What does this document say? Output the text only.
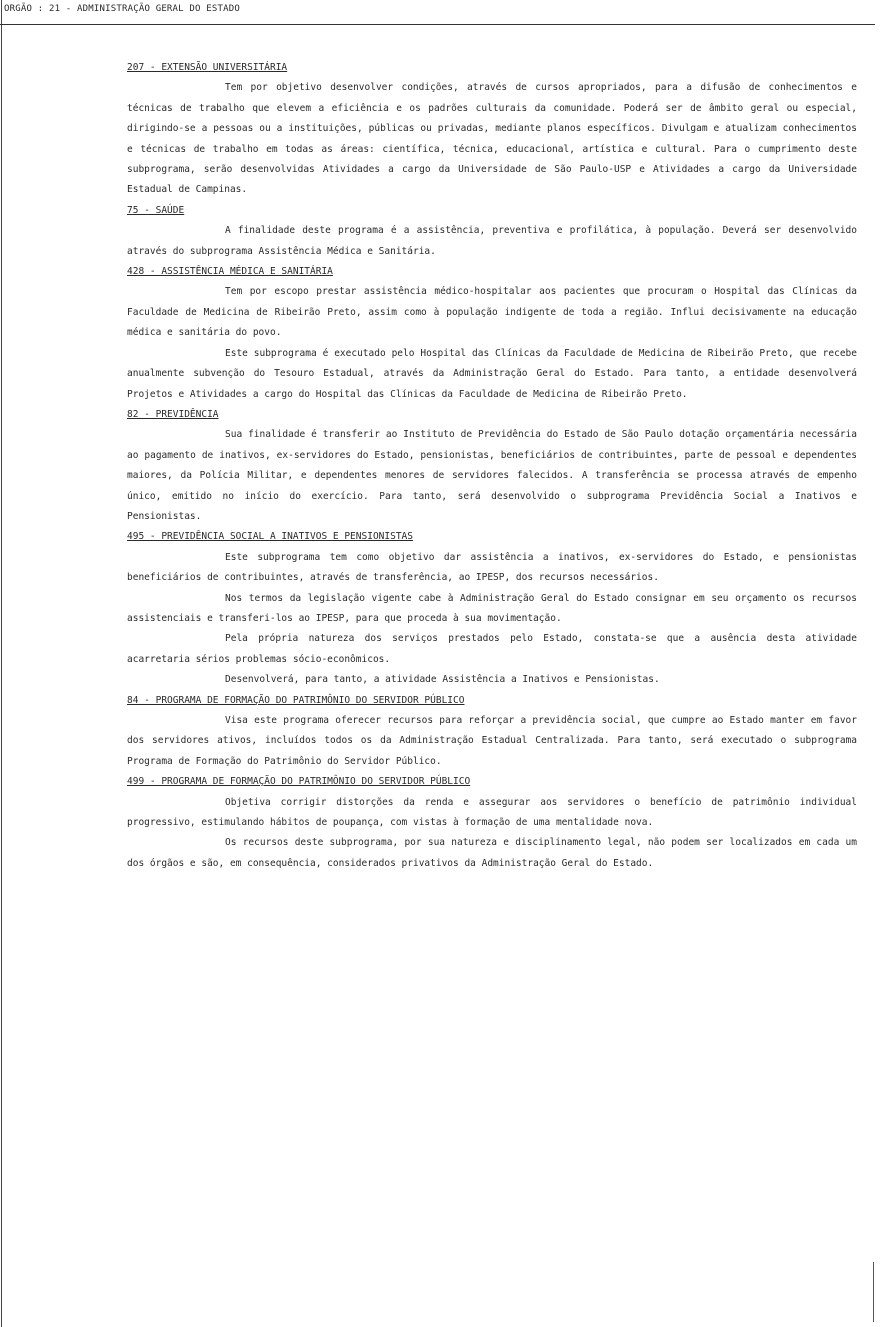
ORGÃO : 21 - ADMINISTRAÇÃO GERAL DO ESTADO

207 - EXTENSÃO UNIVERSITÁRIA

Tem por objetivo desenvolver condições, através de cursos apropriados, para a difusão de conhecimentos e técnicas de trabalho que elevem a eficiência e os padrões culturais da comunidade. Poderá ser de âmbito geral ou especial, dirigindo-se a pessoas ou a instituições, públicas ou privadas, mediante planos específicos. Divulgam e atualizam conhecimentos e técnicas de trabalho em todas as áreas: científica, técnica, educacional, artística e cultural. Para o cumprimento deste subprograma, serão desenvolvidas Atividades a cargo da Universidade de São Paulo-USP e Atividades a cargo da Universidade Estadual de Campinas.

75 - SAÚDE

A finalidade deste programa é a assistência, preventiva e profilática, à população. Deverá ser desenvolvido através do subprograma Assistência Médica e Sanitária.

428 - ASSISTÊNCIA MÉDICA E SANITÁRIA

Tem por escopo prestar assistência médico-hospitalar aos pacientes que procuram o Hospital das Clínicas da Faculdade de Medicina de Ribeirão Preto, assim como à população indigente de toda a região. Influi decisivamente na educação médica e sanitária do povo.

Este subprograma é executado pelo Hospital das Clínicas da Faculdade de Medicina de Ribeirão Preto, que recebe anualmente subvenção do Tesouro Estadual, através da Administração Geral do Estado. Para tanto, a entidade desenvolverá Projetos e Atividades a cargo do Hospital das Clínicas da Faculdade de Medicina de Ribeirão Preto.

82 - PREVIDÊNCIA

Sua finalidade é transferir ao Instituto de Previdência do Estado de São Paulo dotação orçamentária necessária ao pagamento de inativos, ex-servidores do Estado, pensionistas, beneficiários de contribuintes, parte de pessoal e dependentes maiores, da Polícia Militar, e dependentes menores de servidores falecidos. A transferência se processa através de empenho único, emitido no início do exercício. Para tanto, será desenvolvido o subprograma Previdência Social a Inativos e Pensionistas.

495 - PREVIDÊNCIA SOCIAL A INATIVOS E PENSIONISTAS

Este subprograma tem como objetivo dar assistência a inativos, ex-servidores do Estado, e pensionistas beneficiários de contribuintes, através de transferência, ao IPESP, dos recursos necessários.

Nos termos da legislação vigente cabe à Administração Geral do Estado consignar em seu orçamento os recursos assistenciais e transferi-los ao IPESP, para que proceda à sua movimentação.

Pela própria natureza dos serviços prestados pelo Estado, constata-se que a ausência desta atividade acarretaria sérios problemas sócio-econômicos.

Desenvolverá, para tanto, a atividade Assistência a Inativos e Pensionistas.

84 - PROGRAMA DE FORMAÇÃO DO PATRIMÔNIO DO SERVIDOR PÚBLICO

Visa este programa oferecer recursos para reforçar a previdência social, que cumpre ao Estado manter em favor dos servidores ativos, incluídos todos os da Administração Estadual Centralizada. Para tanto, será executado o subprograma Programa de Formação do Patrimônio do Servidor Público.

499 - PROGRAMA DE FORMAÇÃO DO PATRIMÔNIO DO SERVIDOR PÚBLICO

Objetiva corrigir distorções da renda e assegurar aos servidores o benefício de patrimônio individual progressivo, estimulando hábitos de poupança, com vistas à formação de uma mentalidade nova.

Os recursos deste subprograma, por sua natureza e disciplinamento legal, não podem ser localizados em cada um dos órgãos e são, em consequência, considerados privativos da Administração Geral do Estado.
